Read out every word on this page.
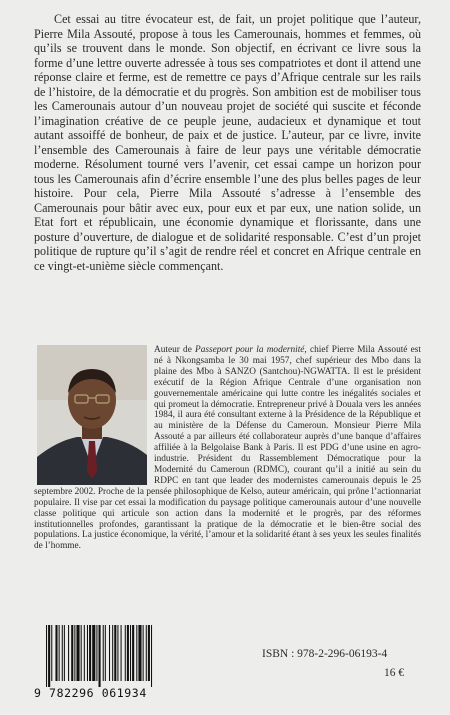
Cet essai au titre évocateur est, de fait, un projet politique que l’auteur, Pierre Mila Assouté, propose à tous les Camerounais, hommes et femmes, où qu’ils se trouvent dans le monde. Son objectif, en écrivant ce livre sous la forme d’une lettre ouverte adressée à tous ses compatriotes et dont il attend une réponse claire et ferme, est de remettre ce pays d’Afrique centrale sur les rails de l’histoire, de la démocratie et du progrès. Son ambition est de mobiliser tous les Camerounais autour d’un nouveau projet de société qui suscite et féconde l’imagination créative de ce peuple jeune, audacieux et dynamique et tout autant assoiffé de bonheur, de paix et de justice. L’auteur, par ce livre, invite l’ensemble des Camerounais à faire de leur pays une véritable démocratie moderne. Résolument tourné vers l’avenir, cet essai campe un horizon pour tous les Camerounais afin d’écrire ensemble l’une des plus belles pages de leur histoire. Pour cela, Pierre Mila Assouté s’adresse à l’ensemble des Camerounais pour bâtir avec eux, pour eux et par eux, une nation solide, un Etat fort et républicain, une économie dynamique et florissante, dans une posture d’ouverture, de dialogue et de solidarité responsable. C’est d’un projet politique de rupture qu’il s’agit de rendre réel et concret en Afrique centrale en ce vingt-et-unième siècle commençant.

Auteur de Passeport pour la modernité, chief Pierre Mila Assouté est né à Nkongsamba le 30 mai 1957, chef supérieur des Mbo dans la plaine des Mbo à SANZO (Santchou)-NGWATTA. Il est le président exécutif de la Région Afrique Centrale d’une organisation non gouvernementale américaine qui lutte contre les inégalités sociales et qui promeut la démocratie. Entrepreneur privé à Douala vers les années 1984, il aura été consultant externe à la Présidence de la République et au ministère de la Défense du Cameroun. Monsieur Pierre Mila Assouté a par ailleurs été collaborateur auprès d’une banque d’affaires affiliée à la Belgolaise Bank à Paris. Il est PDG d’une usine en agro-industrie. Président du Rassemblement Démocratique pour la Modernité du Cameroun (RDMC), courant qu’il a initié au sein du RDPC en tant que leader des modernistes camerounais depuis le 25 septembre 2002. Proche de la pensée philosophique de Kelso, auteur américain, qui prône l’actionnariat populaire. Il vise par cet essai la modification du paysage politique camerounais autour d’une nouvelle classe politique qui articule son action dans la modernité et le progrès, par des réformes institutionnelles profondes, garantissant la pratique de la démocratie et le bien-être social des populations. La justice économique, la vérité, l’amour et la solidarité étant à ses yeux les seules finalités de l’homme.

9 782296 061934
ISBN : 978-2-296-06193-4
16 €
